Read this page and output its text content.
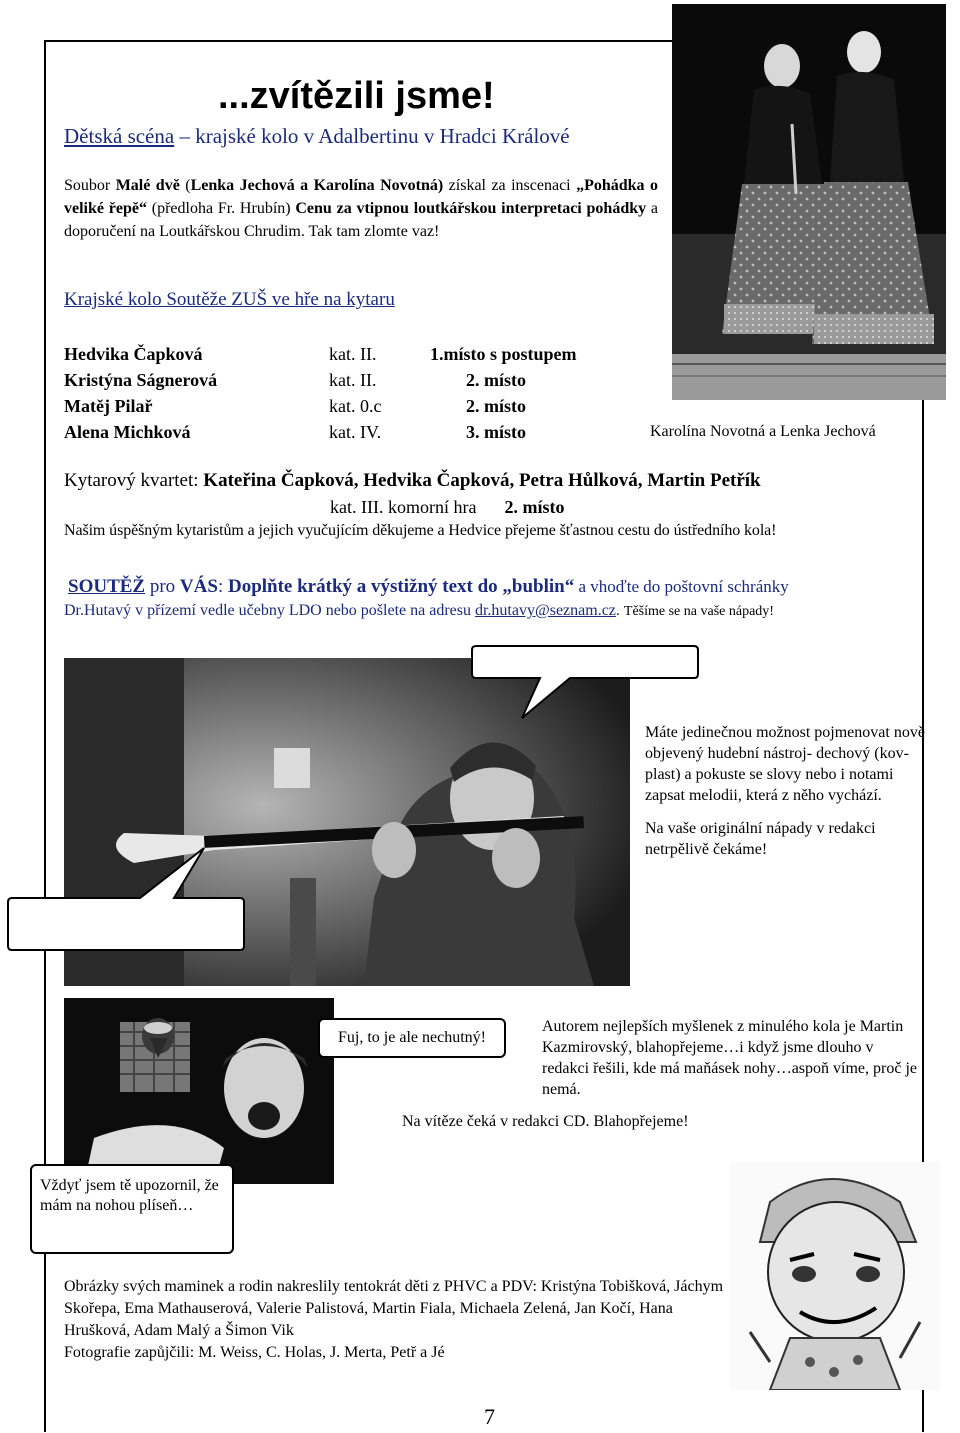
...zvítězili jsme!
Dětská scéna – krajské kolo v Adalbertinu v Hradci Králové
Soubor Malé dvě (Lenka Jechová a Karolína Novotná) získal za inscenaci „Pohádka o veliké řepě“ (předloha Fr. Hrubín) Cenu za vtipnou loutkářskou interpretaci pohádky a doporučení na Loutkářskou Chrudim. Tak tam zlomte vaz!
Krajské kolo Soutěže ZUŠ ve hře na kytaru
Hedvika Čapková	kat. II.	1.místo s postupem
Kristýna Ságnerová	kat. II.	2. místo
Matěj Pilař	kat. 0.c	2. místo
Alena Michková	kat. IV.	3. místo	Karolína Novotná a Lenka Jechová
Kytarový kvartet: Kateřina Čapková, Hedvika Čapková, Petra Hůlková, Martin Petřík
kat. III. komorní hra 2. místo
Našim úspěšným kytaristům a jejich vyučujícím děkujeme a Hedvice přejeme šťastnou cestu do ústředního kola!
SOUTĚŽ pro VÁS: Doplňte krátký a výstižný text do „bublin“ a vhoďte do poštovní schránky
Dr.Hutavý v přízemí vedle učebny LDO nebo pošlete na adresu dr.hutavy@seznam.cz. Těšíme se na vaše nápady!

Máte jedinečnou možnost pojmenovat nově objevený hudební nástroj- dechový (kov-plast) a pokuste se slovy nebo i notami zapsat melodii, která z něho vychází.

Na vaše originální nápady v redakci netrpělivě čekáme!

Fuj, to je ale nechutný!
Autorem nejlepších myšlenek z minulého kola je Martin Kazmirovský, blahopřejeme…i když jsme dlouho v redakci řešili, kde má maňásek nohy…aspoň víme, proč je nemá.
Na vítěze čeká v redakci CD. Blahopřejeme!
Vždyť jsem tě upozornil, že mám na nohou plíseň…
Obrázky svých maminek a rodin nakreslily tentokrát děti z PHVC a PDV: Kristýna Tobišková, Jáchym Skořepa, Ema Mathauserová, Valerie Palistová, Martin Fiala, Michaela Zelená, Jan Kočí, Hana Hrušková, Adam Malý a Šimon Vik
Fotografie zapůjčili: M. Weiss, C. Holas, J. Merta, Petř a Jé
7
